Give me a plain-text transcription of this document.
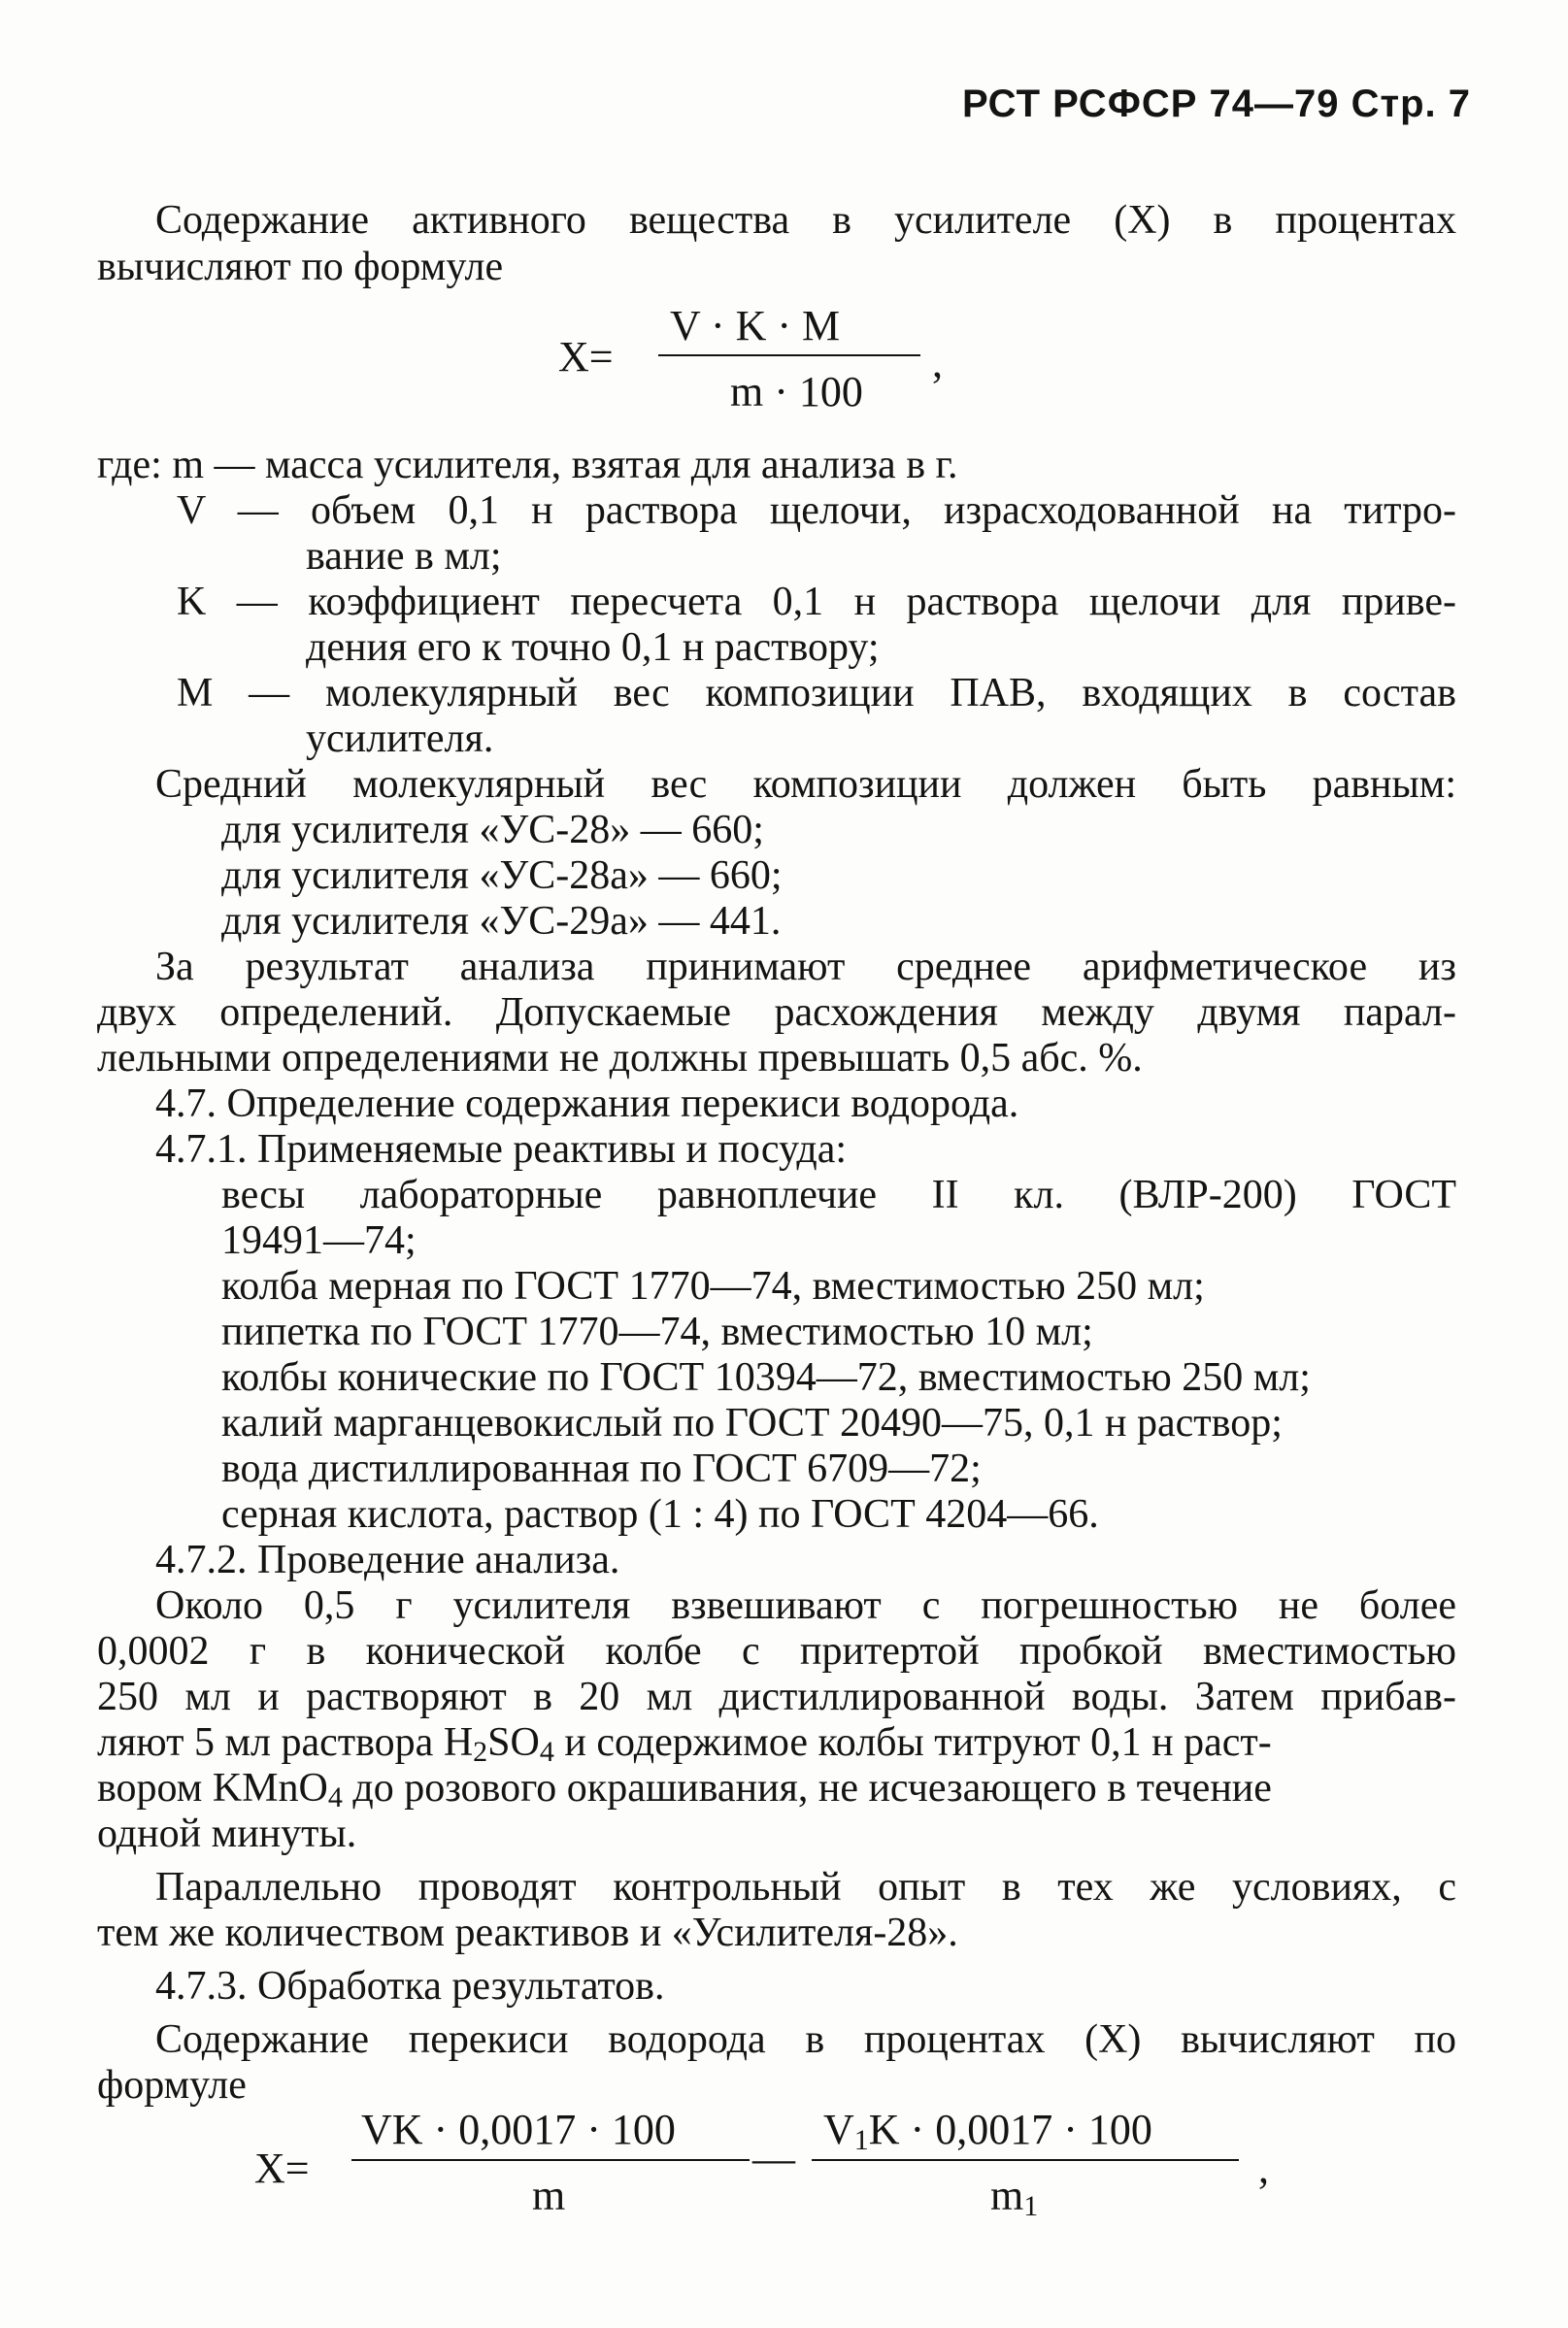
РСТ РСФСР 74—79 Стр. 7
Содержание активного вещества в усилителе (X) в процентах
вычисляют по формуле
X=
V · K · M
m · 100
,
где: m — масса усилителя, взятая для анализа в г.
V — объем 0,1 н раствора щелочи, израсходованной на титро-
вание в мл;
K — коэффициент пересчета 0,1 н раствора щелочи для приве-
дения его к точно 0,1 н раствору;
M — молекулярный вес композиции ПАВ, входящих в состав
усилителя.
Средний молекулярный вес композиции должен быть равным:
для усилителя «УС-28» — 660;
для усилителя «УС-28а» — 660;
для усилителя «УС-29а» — 441.
За результат анализа принимают среднее арифметическое из
двух определений. Допускаемые расхождения между двумя парал-
лельными определениями не должны превышать 0,5 абс. %.
4.7. Определение содержания перекиси водорода.
4.7.1. Применяемые реактивы и посуда:
весы лабораторные равноплечие II кл. (ВЛР-200) ГОСТ
19491—74;
колба мерная по ГОСТ 1770—74, вместимостью 250 мл;
пипетка по ГОСТ 1770—74, вместимостью 10 мл;
колбы конические по ГОСТ 10394—72, вместимостью 250 мл;
калий марганцевокислый по ГОСТ 20490—75, 0,1 н раствор;
вода дистиллированная по ГОСТ 6709—72;
серная кислота, раствор (1 : 4) по ГОСТ 4204—66.
4.7.2. Проведение анализа.
Около 0,5 г усилителя взвешивают с погрешностью не более
0,0002 г в конической колбе с притертой пробкой вместимостью
250 мл и растворяют в 20 мл дистиллированной воды. Затем прибав-
ляют 5 мл раствора $H_2SO_4$ и содержимое колбы титруют 0,1 н раст-
вором KMnO$_4$ до розового окрашивания, не исчезающего в течение
одной минуты.
Параллельно проводят контрольный опыт в тех же условиях, с
тем же количеством реактивов и «Усилителя-28».
4.7.3. Обработка результатов.
Содержание перекиси водорода в процентах (X) вычисляют по
формуле
X=
VK · 0,0017 · 100
m
—
V1K · 0,0017 · 100
m1
,
